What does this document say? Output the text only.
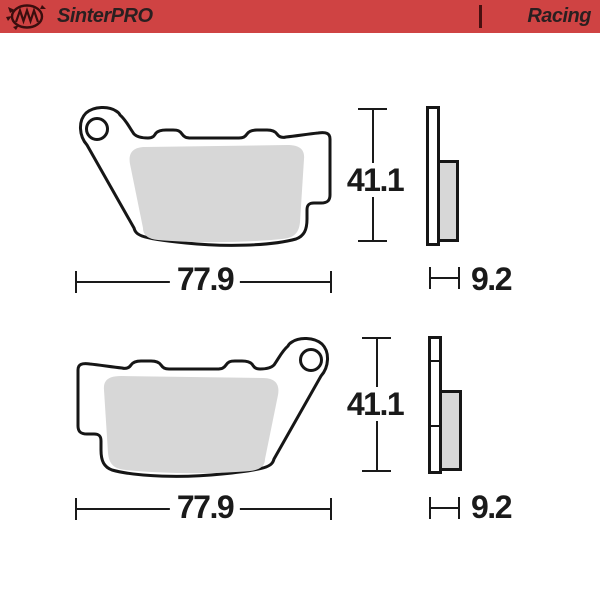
SinterPRO	Racing
41.1
77.9	9.2
41.1
77.9	9.2
